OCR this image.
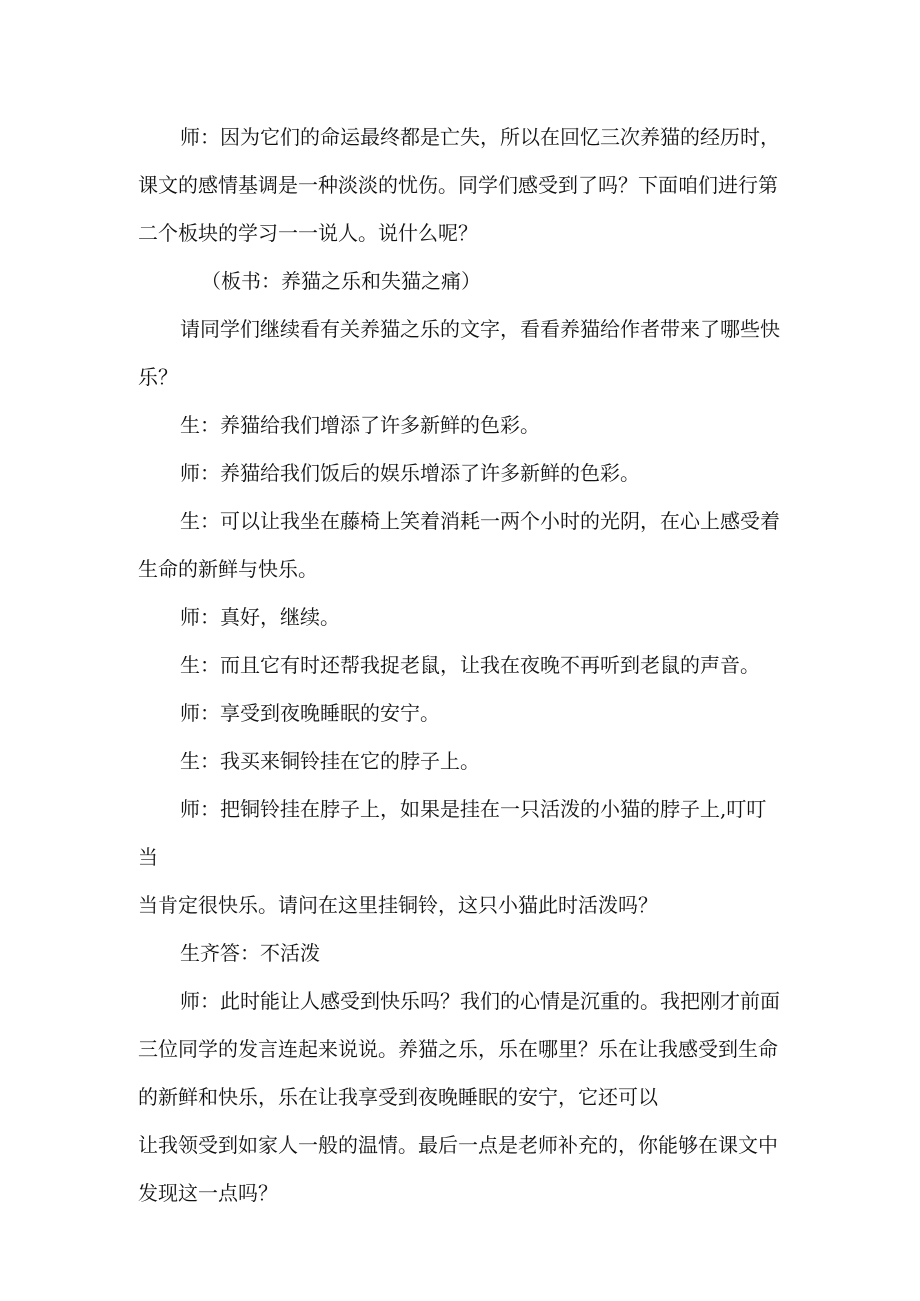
师：因为它们的命运最终都是亡失，所以在回忆三次养猫的经历时，
课文的感情基调是一种淡淡的忧伤。同学们感受到了吗？下面咱们进行第
二个板块的学习一一说人。说什么呢？
（板书：养猫之乐和失猫之痛）
请同学们继续看有关养猫之乐的文字，看看养猫给作者带来了哪些快
乐？
生：养猫给我们增添了许多新鲜的色彩。
师：养猫给我们饭后的娱乐增添了许多新鲜的色彩。
生：可以让我坐在藤椅上笑着消耗一两个小时的光阴，在心上感受着
生命的新鲜与快乐。
师：真好，继续。
生：而且它有时还帮我捉老鼠，让我在夜晚不再听到老鼠的声音。
师：享受到夜晚睡眠的安宁。
生：我买来铜铃挂在它的脖子上。
师：把铜铃挂在脖子上，如果是挂在一只活泼的小猫的脖子上,叮叮当
当肯定很快乐。请问在这里挂铜铃，这只小猫此时活泼吗？
生齐答：不活泼
师：此时能让人感受到快乐吗？我们的心情是沉重的。我把刚才前面
三位同学的发言连起来说说。养猫之乐，乐在哪里？乐在让我感受到生命
的新鲜和快乐，乐在让我享受到夜晚睡眠的安宁，它还可以
让我领受到如家人一般的温情。最后一点是老师补充的，你能够在课文中
发现这一点吗？
